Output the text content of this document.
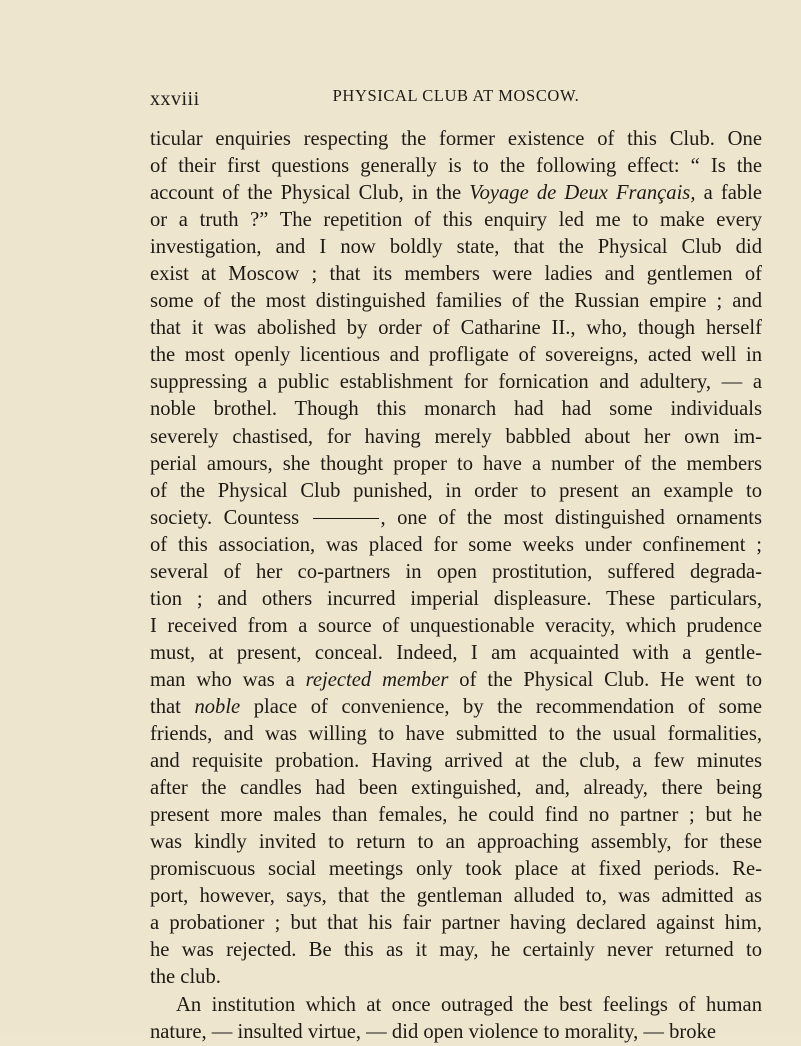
xxviii	PHYSICAL CLUB AT MOSCOW.
ticular enquiries respecting the former existence of this Club. One
of their first questions generally is to the following effect: “ Is the
account of the Physical Club, in the Voyage de Deux Français, a fable
or a truth ?” The repetition of this enquiry led me to make every
investigation, and I now boldly state, that the Physical Club did
exist at Moscow ; that its members were ladies and gentlemen of
some of the most distinguished families of the Russian empire ; and
that it was abolished by order of Catharine II., who, though herself
the most openly licentious and profligate of sovereigns, acted well in
suppressing a public establishment for fornication and adultery, — a
noble brothel. Though this monarch had had some individuals
severely chastised, for having merely babbled about her own im-
perial amours, she thought proper to have a number of the members
of the Physical Club punished, in order to present an example to
society. Countess	, one of the most distinguished ornaments
of this association, was placed for some weeks under confinement ;
several of her co-partners in open prostitution, suffered degrada-
tion ; and others incurred imperial displeasure. These particulars,
I received from a source of unquestionable veracity, which prudence
must, at present, conceal. Indeed, I am acquainted with a gentle-
man who was a rejected member of the Physical Club. He went to
that noble place of convenience, by the recommendation of some
friends, and was willing to have submitted to the usual formalities,
and requisite probation. Having arrived at the club, a few minutes
after the candles had been extinguished, and, already, there being
present more males than females, he could find no partner ; but he
was kindly invited to return to an approaching assembly, for these
promiscuous social meetings only took place at fixed periods. Re-
port, however, says, that the gentleman alluded to, was admitted as
a probationer ; but that his fair partner having declared against him,
he was rejected. Be this as it may, he certainly never returned to
the club.
An institution which at once outraged the best feelings of human
nature, — insulted virtue, — did open violence to morality, — broke
